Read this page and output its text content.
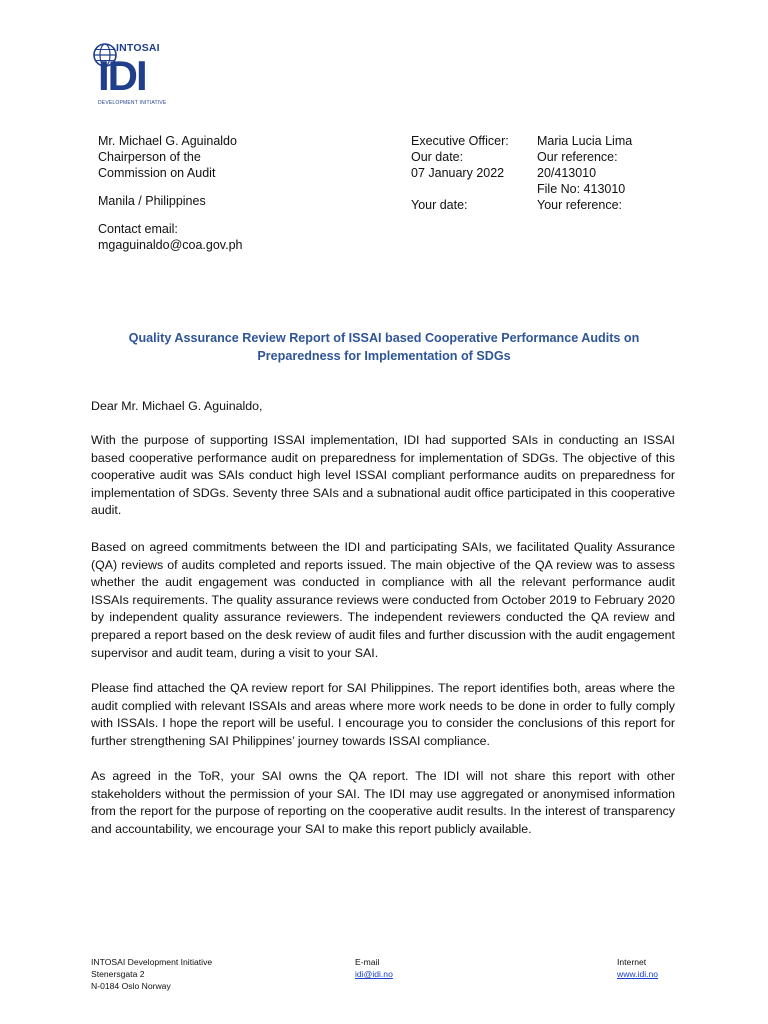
INTOSAI
IDI
DEVELOPMENT INITIATIVE
Mr. Michael G. Aguinaldo
Chairperson of the
Commission on Audit
Manila / Philippines
Contact email:
mgaguinaldo@coa.gov.ph
Executive Officer:	Maria Lucia Lima
Our date:	Our reference:
07 January 2022	20/413010
File No: 413010
Your date:	Your reference:
Quality Assurance Review Report of ISSAI based Cooperative Performance Audits on Preparedness for Implementation of SDGs
Dear Mr. Michael G. Aguinaldo,
With the purpose of supporting ISSAI implementation, IDI had supported SAIs in conducting an ISSAI based cooperative performance audit on preparedness for implementation of SDGs. The objective of this cooperative audit was SAIs conduct high level ISSAI compliant performance audits on preparedness for implementation of SDGs. Seventy three SAIs and a subnational audit office participated in this cooperative audit.
Based on agreed commitments between the IDI and participating SAIs, we facilitated Quality Assurance (QA) reviews of audits completed and reports issued. The main objective of the QA review was to assess whether the audit engagement was conducted in compliance with all the relevant performance audit ISSAIs requirements. The quality assurance reviews were conducted from October 2019 to February 2020 by independent quality assurance reviewers. The independent reviewers conducted the QA review and prepared a report based on the desk review of audit files and further discussion with the audit engagement supervisor and audit team, during a visit to your SAI.
Please find attached the QA review report for SAI Philippines. The report identifies both, areas where the audit complied with relevant ISSAIs and areas where more work needs to be done in order to fully comply with ISSAIs. I hope the report will be useful. I encourage you to consider the conclusions of this report for further strengthening SAI Philippines’ journey towards ISSAI compliance.
As agreed in the ToR, your SAI owns the QA report. The IDI will not share this report with other stakeholders without the permission of your SAI. The IDI may use aggregated or anonymised information from the report for the purpose of reporting on the cooperative audit results. In the interest of transparency and accountability, we encourage your SAI to make this report publicly available.
INTOSAI Development Initiative
Stenersgata 2
N-0184 Oslo Norway
E-mail
idi@idi.no
Internet
www.idi.no
